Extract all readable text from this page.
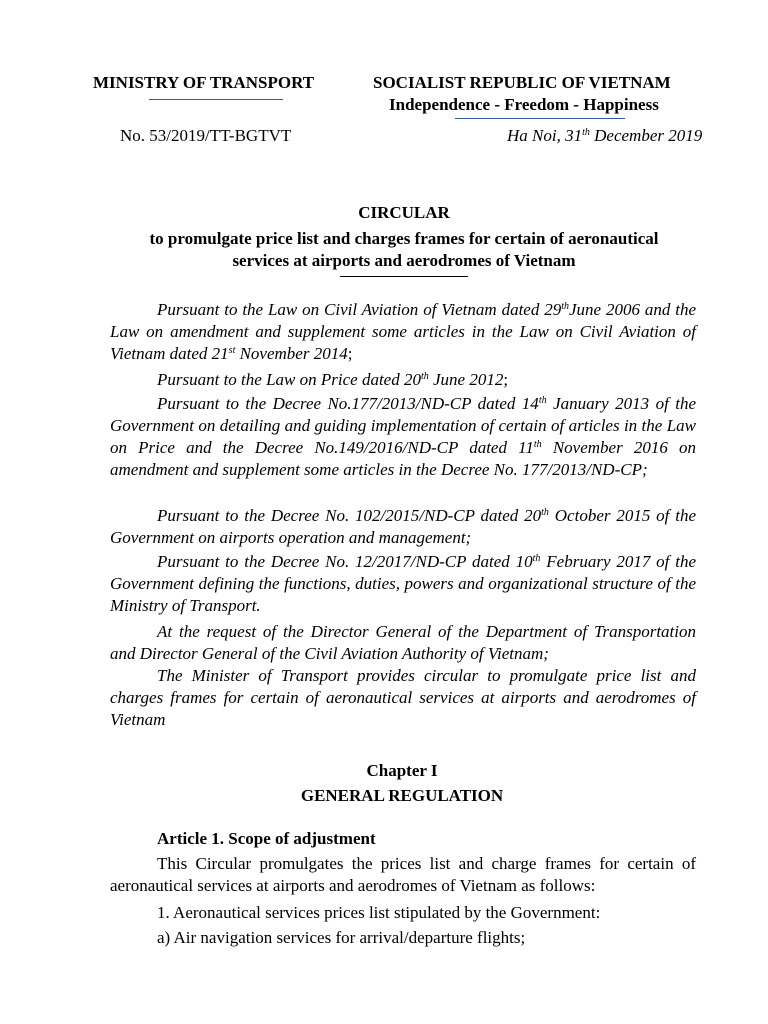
MINISTRY OF TRANSPORT	SOCIALIST REPUBLIC OF VIETNAM
Independence - Freedom - Happiness
No. 53/2019/TT-BGTVT	Ha Noi, 31th December 2019
CIRCULAR
to promulgate price list and charges frames for certain of aeronautical
services at airports and aerodromes of Vietnam
Pursuant to the Law on Civil Aviation of Vietnam dated 29thJune 2006 and the Law on amendment and supplement some articles in the Law on Civil Aviation of Vietnam dated 21st November 2014;
Pursuant to the Law on Price dated 20th June 2012;
Pursuant to the Decree No.177/2013/ND-CP dated 14th January 2013 of the Government on detailing and guiding implementation of certain of articles in the Law on Price and the Decree No.149/2016/ND-CP dated 11th November 2016 on amendment and supplement some articles in the Decree No. 177/2013/ND-CP;
Pursuant to the Decree No. 102/2015/ND-CP dated 20th October 2015 of the Government on airports operation and management;
Pursuant to the Decree No. 12/2017/ND-CP dated 10th February 2017 of the Government defining the functions, duties, powers and organizational structure of the Ministry of Transport.
At the request of the Director General of the Department of Transportation and Director General of the Civil Aviation Authority of Vietnam;
The Minister of Transport provides circular to promulgate price list and charges frames for certain of aeronautical services at airports and aerodromes of Vietnam
Chapter I
GENERAL REGULATION
Article 1. Scope of adjustment
This Circular promulgates the prices list and charge frames for certain of aeronautical services at airports and aerodromes of Vietnam as follows:
1. Aeronautical services prices list stipulated by the Government:
a) Air navigation services for arrival/departure flights;
